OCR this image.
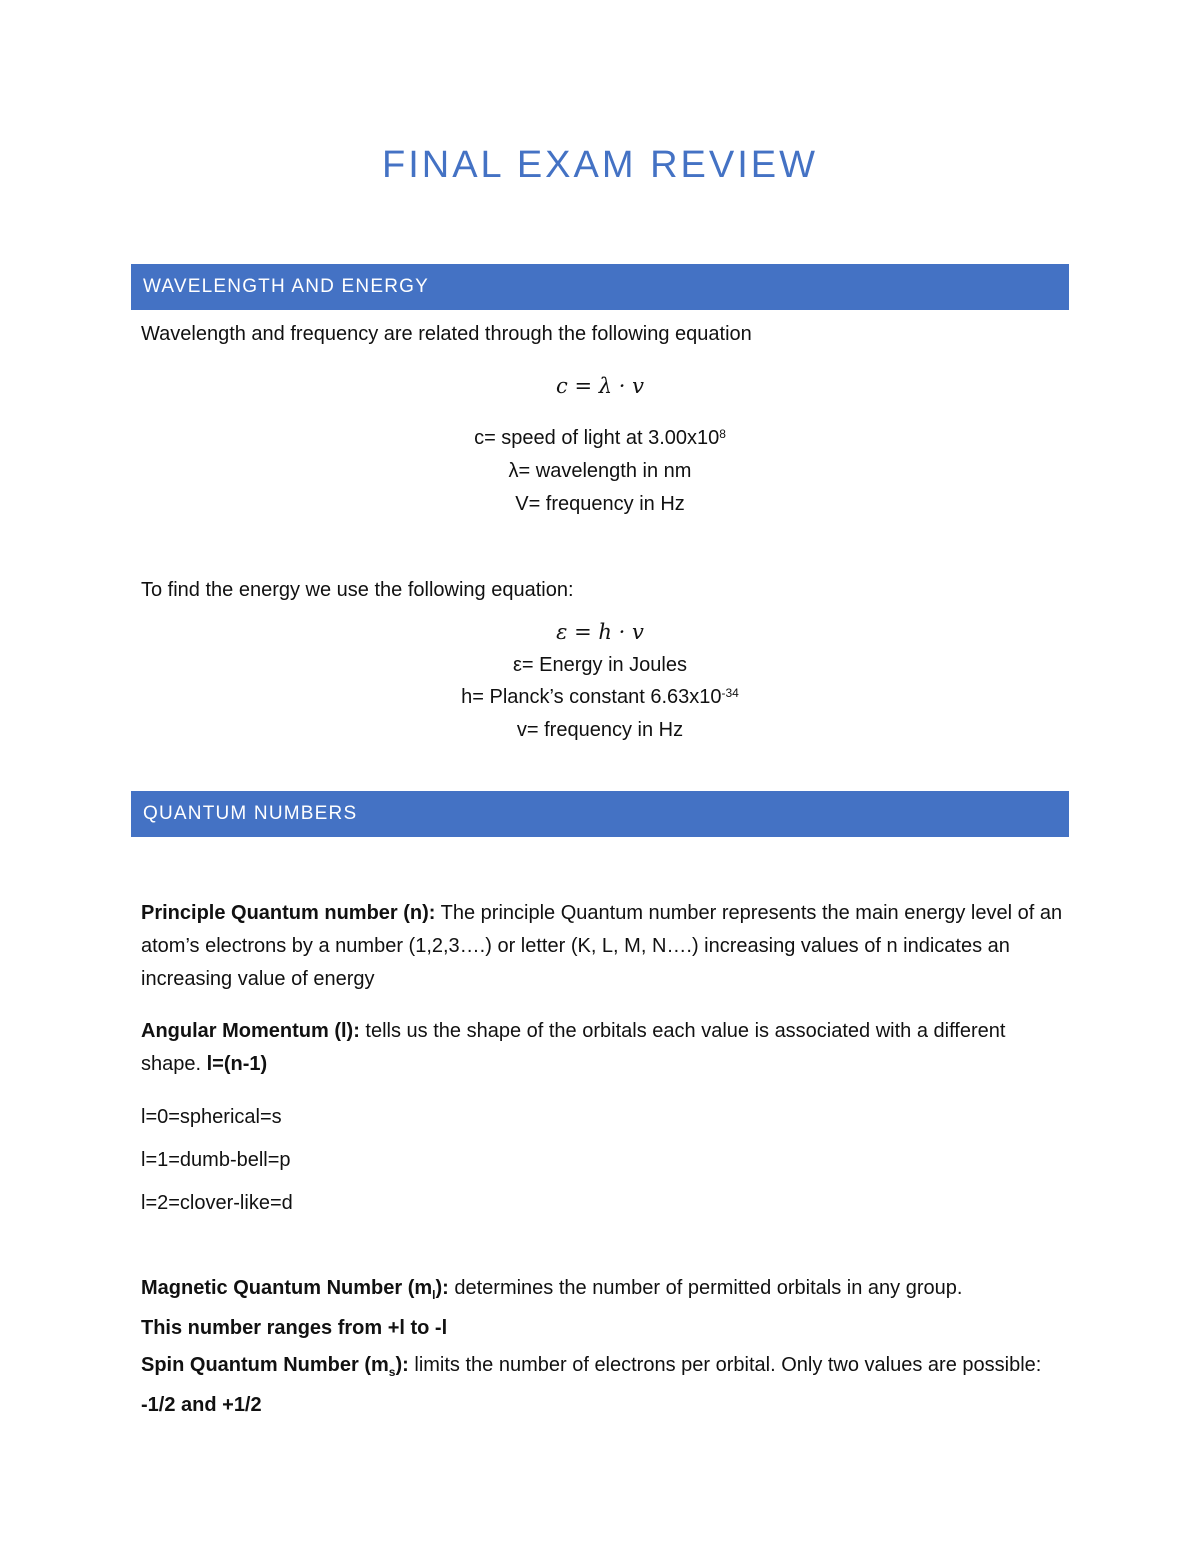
FINAL EXAM REVIEW
WAVELENGTH AND ENERGY

Wavelength and frequency are related through the following equation

c = λ · v

c= speed of light at $3.00x10^8$

λ= wavelength in nm

V= frequency in Hz

To find the energy we use the following equation:

ε = h · v

ε= Energy in Joules

h= Planck’s constant $6.63x10^{-34}$

v= frequency in Hz

QUANTUM NUMBERS

Principle Quantum number (n): The principle Quantum number represents the main energy level of an atom’s electrons by a number (1,2,3….) or letter (K, L, M, N….) increasing values of n indicates an increasing value of energy

Angular Momentum (l): tells us the shape of the orbitals each value is associated with a different shape. l=(n-1)

l=0=spherical=s

l=1=dumb-bell=p

l=2=clover-like=d

Magnetic Quantum Number $(m_l)$: determines the number of permitted orbitals in any group.
This number ranges from +l to -l

Spin Quantum Number $(m_s)$: limits the number of electrons per orbital. Only two values are possible: -1/2 and +1/2
